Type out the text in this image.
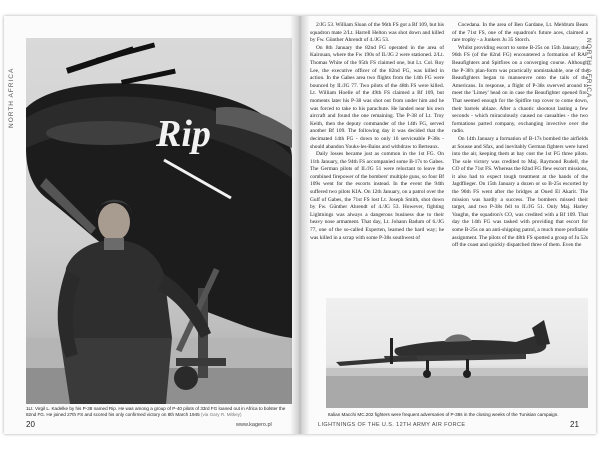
NORTH AFRICA
Rip
1Lt. Virgil L. Kadelke by his P-38 named Rip. He was among a group of P-40 pilots of 33rd FG loaned out in Africa to bolster the 82nd FG. He joined 27th FS and scored his only confirmed victory on 8th March 1945 (via Gary R. Mitkey)
20	www.kagero.pl
NORTH AFRICA

2/JG 53. William Sloan of the 96th FS got a Bf 109, but his squadron mate 2/Lt. Harrell Helton was shot down and killed by Fw. Günther Ahrendt of 4./JG 53.

On 8th January the 82nd FG operated in the area of Kairouan, where the Fw 190s of II./JG 2 were stationed. 2/Lt. Thomas White of the 95th FS claimed one, but Lt. Col. Roy Lee, the executive officer of the 82nd FG, was killed in action. In the Gabes area two flights from the 14th FG were bounced by II./JG 77. Two pilots of the 48th FS were killed. Lt. William Hoelle of the 49th FS claimed a Bf 109, but moments later his P-38 was shot out from under him and he was forced to take to his parachute. He landed near his own aircraft and found the one remaining. The P-38 of Lt. Troy Keith, then the deputy commander of the 14th FG, served another Bf 109. The following day it was decided that the decimated 14th FG - down to only 16 serviceable P-38s - should abandon Youks-les-Bains and withdraw to Berteaux.

Daily losses became just as common in the 1st FG. On 11th January, the 94th FS accompanied some B-17s to Gabes. The German pilots of II./JG 51 were reluctant to leave the combined firepower of the bombers' multiple guns, so four Bf 109s went for the escorts instead. In the event the 94th suffered two pilots KIA. On 12th January, on a patrol over the Gulf of Gabes, the 71st FS lost Lt. Joseph Smith, shot down by Fw. Günther Ahrendt of 4./JG 53. However, fighting Lightnings was always a dangerous business due to their heavy nose armament. That day, Lt. Johann Badum of 6./JG 77, one of the so-called Experten, learned the hard way; he was killed in a scrap with some P-38s southwest of

Cocedana. In the area of Ben Gardane, Lt. Meldrum Beats of the 71st FS, one of the squadron's future aces, claimed a rare trophy - a Junkers Ju 35 Storch.

Whilst providing escort to some B-25s on 15th January, the 96th FS (of the 82nd FG) encountered a formation of RAF Beaufighters and Spitfires on a converging course. Although the P-38's plan-form was practically unmistakable, one of the Beaufighters began to manoeuvre onto the tails of the Americans. In response, a flight of P-38s swerved around to meet the 'Limey' head on in case the Beaufighter opened fire. That seemed enough for the Spitfire top cover to come down, their barrels ablaze. After a chaotic shootout lasting a few seconds - which miraculously caused no casualties - the two formations parted company, exchanging invective over the radio.

On 14th January a formation of B-17s bombed the airfields at Sousse and Sfax, and inevitably German fighters were lured into the air, keeping them at bay cost the 1st FG three pilots. The sole victory was credited to Maj. Raymond Rudell, the CO of the 71st FS. Whereas the 82nd FG flew escort missions, it also had to expect tough treatment at the hands of the Jagdflieger. On 15th January a dozen or so B-25s escorted by the 96th FS went after the bridges at Oued El Akarit. The mission was hardly a success. The bombers missed their target, and two P-38s fell to II./JG 51. Only Maj. Harley Vaughn, the squadron's CO, was credited with a Bf 109. That day the 14th FG was tasked with providing that escort for some B-25s on an anti-shipping patrol, a much more profitable assignment. The pilots of the 48th FS spotted a group of Ju 52s off the coast and quickly dispatched three of them. Even the

Italian Macchi MC.202 fighters were frequent adversaries of P-38s in the closing weeks of the Tunisian campaign.
LIGHTNINGS OF THE U.S. 12TH ARMY AIR FORCE	21
